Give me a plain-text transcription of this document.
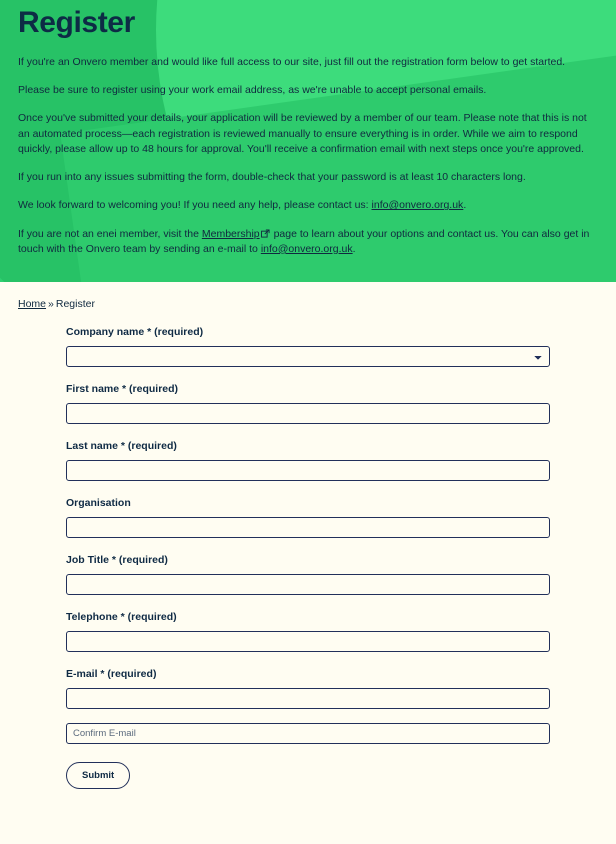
Register

If you're an Onvero member and would like full access to our site, just fill out the registration form below to get started.

Please be sure to register using your work email address, as we're unable to accept personal emails.

Once you've submitted your details, your application will be reviewed by a member of our team. Please note that this is not an automated process—each registration is reviewed manually to ensure everything is in order. While we aim to respond quickly, please allow up to 48 hours for approval. You'll receive a confirmation email with next steps once you're approved.

If you run into any issues submitting the form, double-check that your password is at least 10 characters long.

We look forward to welcoming you! If you need any help, please contact us: info@onvero.org.uk.

If you are not an enei member, visit the Membership page to learn about your options and contact us. You can also get in touch with the Onvero team by sending an e-mail to info@onvero.org.uk.

Home » Register
Company name * (required)
First name * (required)
Last name * (required)
Organisation
Job Title * (required)
Telephone * (required)
E-mail * (required)
Confirm E-mail
Submit
